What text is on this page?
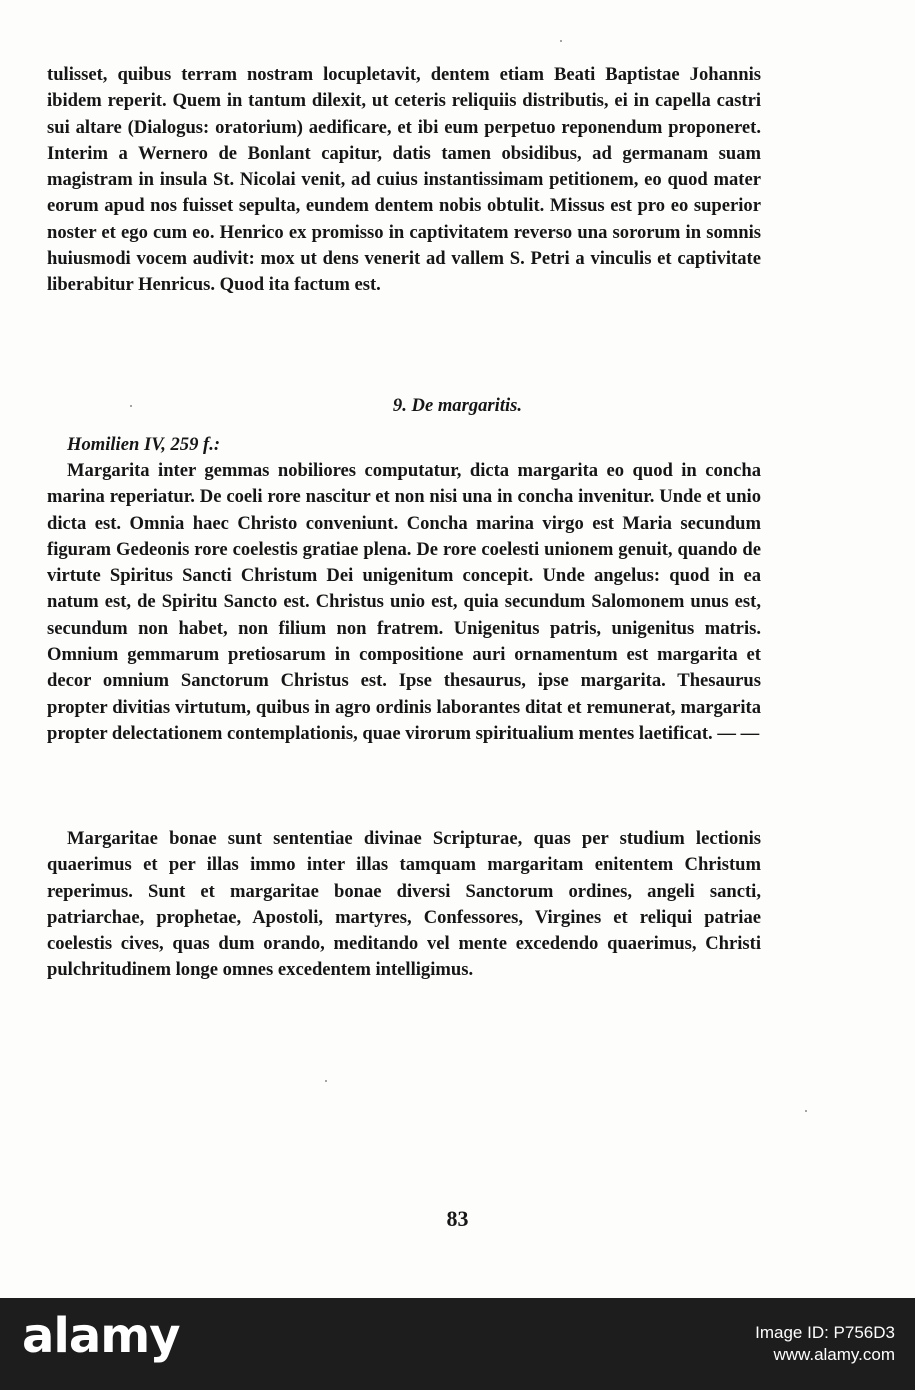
tulisset, quibus terram nostram locupletavit, dentem etiam Beati Baptistae Johannis ibidem reperit. Quem in tantum dilexit, ut ceteris reliquiis distributis, ei in capella castri sui altare (Dialogus: oratorium) aedificare, et ibi eum perpetuo reponendum proponeret. Interim a Wernero de Bonlant capitur, datis tamen obsidibus, ad germanam suam magistram in insula St. Nicolai venit, ad cuius instantissimam petitionem, eo quod mater eorum apud nos fuisset sepulta, eundem dentem nobis obtulit. Missus est pro eo superior noster et ego cum eo. Henrico ex promisso in captivitatem reverso una sororum in somnis huiusmodi vocem audivit: mox ut dens venerit ad vallem S. Petri a vinculis et captivitate liberabitur Henricus. Quod ita factum est.

9. De margaritis.
Homilien IV, 259 f.:

Margarita inter gemmas nobiliores computatur, dicta margarita eo quod in concha marina reperiatur. De coeli rore nascitur et non nisi una in concha invenitur. Unde et unio dicta est. Omnia haec Christo conveniunt. Concha marina virgo est Maria secundum figuram Gedeonis rore coelestis gratiae plena. De rore coelesti unionem genuit, quando de virtute Spiritus Sancti Christum Dei unigenitum concepit. Unde angelus: quod in ea natum est, de Spiritu Sancto est. Christus unio est, quia secundum Salomonem unus est, secundum non habet, non filium non fratrem. Unigenitus patris, unigenitus matris. Omnium gemmarum pretiosarum in compositione auri ornamentum est margarita et decor omnium Sanctorum Christus est. Ipse thesaurus, ipse margarita. Thesaurus propter divitias virtutum, quibus in agro ordinis laborantes ditat et remunerat, margarita propter delectationem contemplationis, quae virorum spiritualium mentes laetificat. — —

Margaritae bonae sunt sententiae divinae Scripturae, quas per studium lectionis quaerimus et per illas immo inter illas tamquam margaritam enitentem Christum reperimus. Sunt et margaritae bonae diversi Sanctorum ordines, angeli sancti, patriarchae, prophetae, Apostoli, martyres, Confessores, Virgines et reliqui patriae coelestis cives, quas dum orando, meditando vel mente excedendo quaerimus, Christi pulchritudinem longe omnes excedentem intelligimus.

83
alamy	Image ID: P756D3
www.alamy.com
